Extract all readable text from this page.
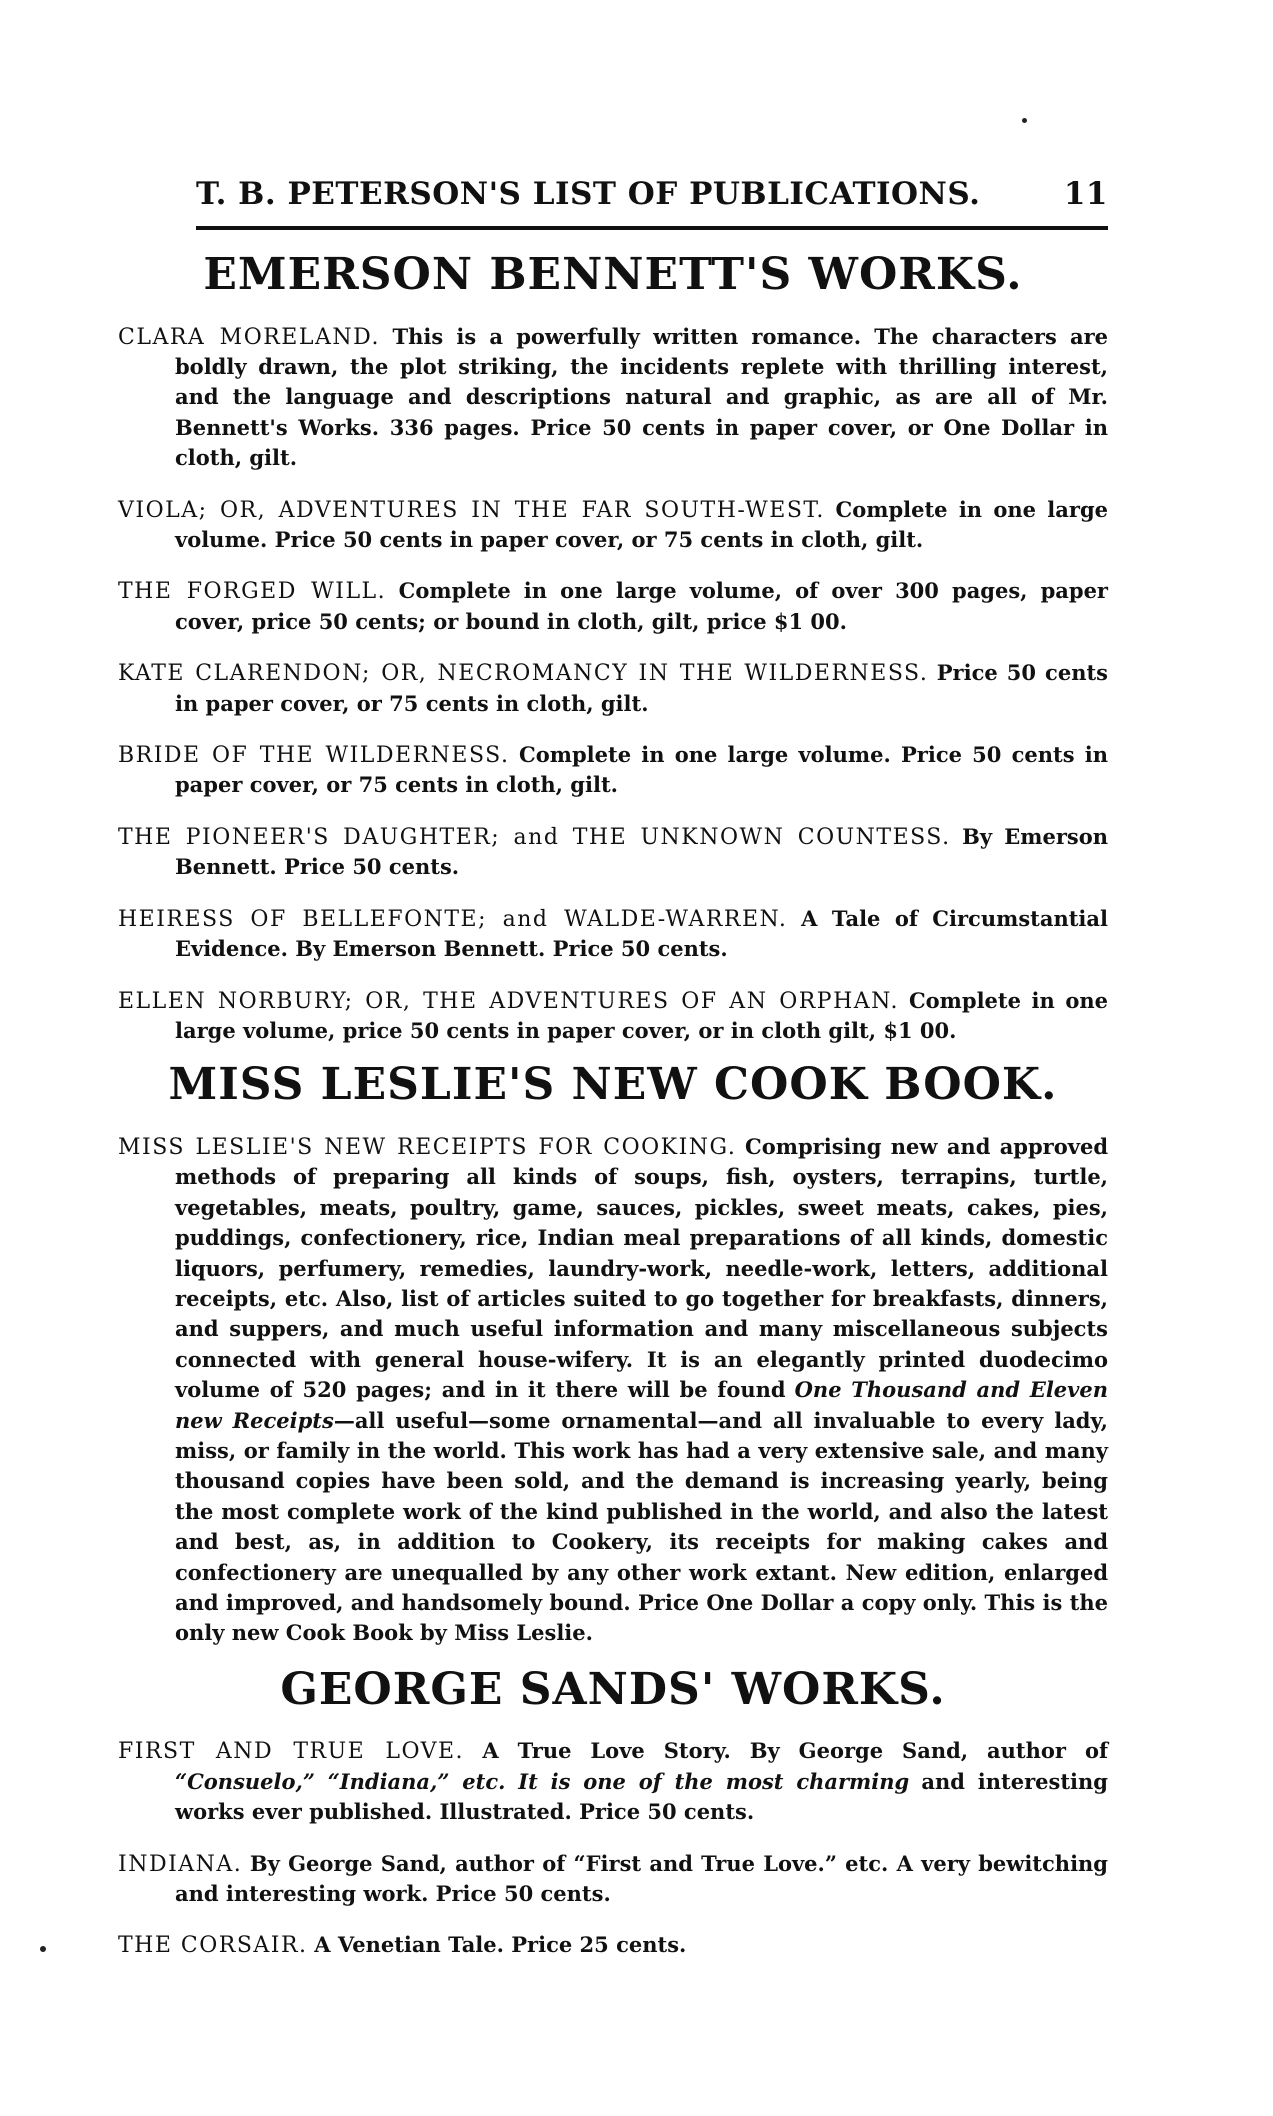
T. B. PETERSON'S LIST OF PUBLICATIONS.	11
EMERSON BENNETT'S WORKS.

CLARA MORELAND. This is a powerfully written romance. The characters are boldly drawn, the plot striking, the incidents replete with thrilling interest, and the language and descriptions natural and graphic, as are all of Mr. Bennett's Works. 336 pages. Price 50 cents in paper cover, or One Dollar in cloth, gilt.

VIOLA; OR, ADVENTURES IN THE FAR SOUTH-WEST. Complete in one large volume. Price 50 cents in paper cover, or 75 cents in cloth, gilt.

THE FORGED WILL. Complete in one large volume, of over 300 pages, paper cover, price 50 cents; or bound in cloth, gilt, price $1 00.

KATE CLARENDON; OR, NECROMANCY IN THE WILDERNESS. Price 50 cents in paper cover, or 75 cents in cloth, gilt.

BRIDE OF THE WILDERNESS. Complete in one large volume. Price 50 cents in paper cover, or 75 cents in cloth, gilt.

THE PIONEER'S DAUGHTER; and THE UNKNOWN COUNTESS. By Emerson Bennett. Price 50 cents.

HEIRESS OF BELLEFONTE; and WALDE-WARREN. A Tale of Circumstantial Evidence. By Emerson Bennett. Price 50 cents.

ELLEN NORBURY; OR, THE ADVENTURES OF AN ORPHAN. Complete in one large volume, price 50 cents in paper cover, or in cloth gilt, $1 00.

MISS LESLIE'S NEW COOK BOOK.

MISS LESLIE'S NEW RECEIPTS FOR COOKING. Comprising new and approved methods of preparing all kinds of soups, fish, oysters, terrapins, turtle, vegetables, meats, poultry, game, sauces, pickles, sweet meats, cakes, pies, puddings, confectionery, rice, Indian meal preparations of all kinds, domestic liquors, perfumery, remedies, laundry-work, needle-work, letters, additional receipts, etc. Also, list of articles suited to go together for breakfasts, dinners, and suppers, and much useful information and many miscellaneous subjects connected with general house-wifery. It is an elegantly printed duodecimo volume of 520 pages; and in it there will be found One Thousand and Eleven new Receipts—all useful—some ornamental—and all invaluable to every lady, miss, or family in the world. This work has had a very extensive sale, and many thousand copies have been sold, and the demand is increasing yearly, being the most complete work of the kind published in the world, and also the latest and best, as, in addition to Cookery, its receipts for making cakes and confectionery are unequalled by any other work extant. New edition, enlarged and improved, and handsomely bound. Price One Dollar a copy only. This is the only new Cook Book by Miss Leslie.

GEORGE SANDS' WORKS.

FIRST AND TRUE LOVE. A True Love Story. By George Sand, author of “Consuelo,” “Indiana,” etc. It is one of the most charming and interesting works ever published. Illustrated. Price 50 cents.

INDIANA. By George Sand, author of “First and True Love.” etc. A very bewitching and interesting work. Price 50 cents.

THE CORSAIR. A Venetian Tale. Price 25 cents.
